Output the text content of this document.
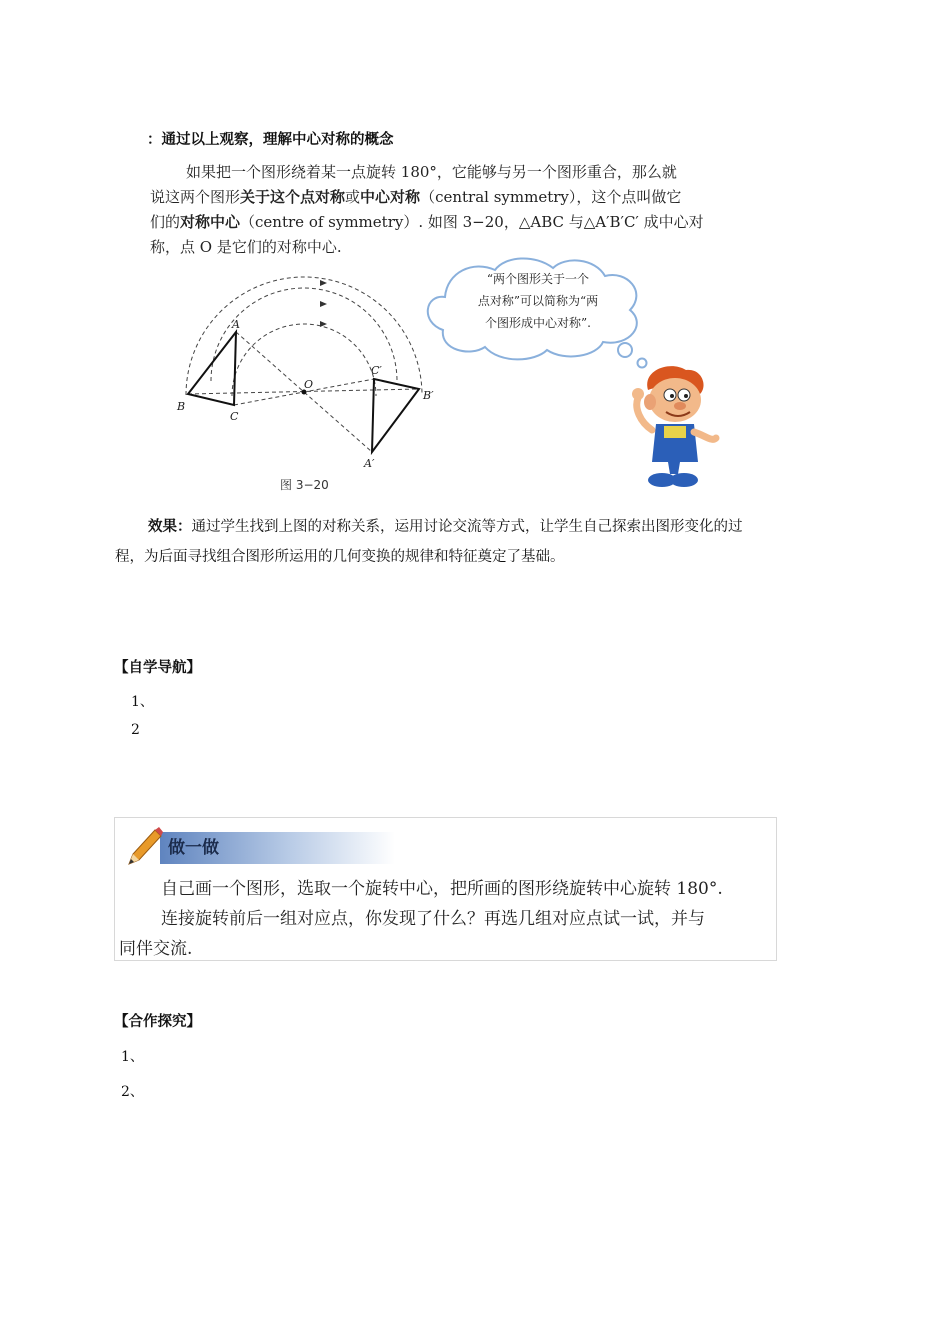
：通过以上观察，理解中心对称的概念
如果把一个图形绕着某一点旋转 180°，它能够与另一个图形重合，那么就
说这两个图形关于这个点对称或中心对称（central symmetry），这个点叫做它
们的对称中心（centre of symmetry）. 如图 3−20，△ABC 与△A′B′C′ 成中心对
称，点 O 是它们的对称中心.
A
B
C
O
A′
B′
C′
图 3−20
“两个图形关于一个
点对称”可以简称为“两
个图形成中心对称”.
效果：通过学生找到上图的对称关系，运用讨论交流等方式，让学生自己探索出图形变化的过
程，为后面寻找组合图形所运用的几何变换的规律和特征奠定了基础。
【自学导航】
1、
2
做一做
自己画一个图形，选取一个旋转中心，把所画的图形绕旋转中心旋转 180°.
连接旋转前后一组对应点，你发现了什么？再选几组对应点试一试，并与
同伴交流.
【合作探究】
1、
2、
